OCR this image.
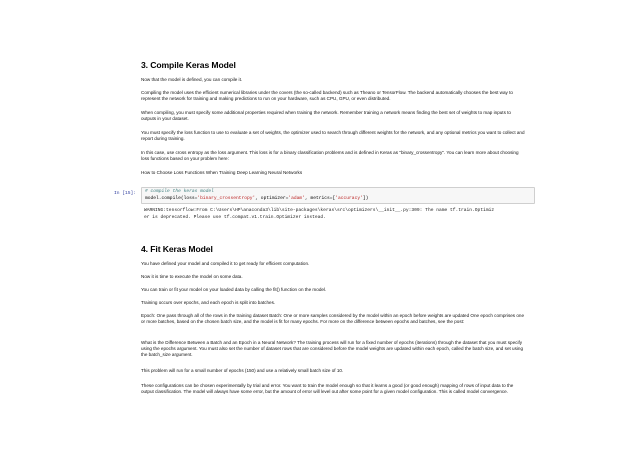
3. Compile Keras Model

Now that the model is defined, you can compile it.

Compiling the model uses the efficient numerical libraries under the covers (the so-called backend) such as Theano or TensorFlow. The backend automatically chooses the best way to represent the network for training and making predictions to run on your hardware, such as CPU, GPU, or even distributed.

When compiling, you must specify some additional properties required when training the network. Remember training a network means finding the best set of weights to map inputs to outputs in your dataset.

You must specify the loss function to use to evaluate a set of weights, the optimizer used to search through different weights for the network, and any optional metrics you want to collect and report during training.

In this case, use cross entropy as the loss argument. This loss is for a binary classification problems and is defined in Keras as "binary_crossentropy". You can learn more about choosing loss functions based on your problem here:

How to Choose Loss Functions When Training Deep Learning Neural Networks

In [15]:	# compile the keras model
model.compile(loss='binary_crossentropy', optimizer='adam', metrics=['accuracy'])
WARNING:tensorflow:From C:\Users\HP\anaconda3\lib\site-packages\keras\src\optimizers\__init__.py:309: The name tf.train.Optimiz
er is deprecated. Please use tf.compat.v1.train.Optimizer instead.
4. Fit Keras Model

You have defined your model and compiled it to get ready for efficient computation.

Now it is time to execute the model on some data.

You can train or fit your model on your loaded data by calling the fit() function on the model.

Training occurs over epochs, and each epoch is split into batches.

Epoch: One pass through all of the rows in the training dataset Batch: One or more samples considered by the model within an epoch before weights are updated One epoch comprises one or more batches, based on the chosen batch size, and the model is fit for many epochs. For more on the difference between epochs and batches, see the post:

What is the Difference Between a Batch and an Epoch in a Neural Network? The training process will run for a fixed number of epochs (iterations) through the dataset that you must specify using the epochs argument. You must also set the number of dataset rows that are considered before the model weights are updated within each epoch, called the batch size, and set using the batch_size argument.

This problem will run for a small number of epochs (150) and use a relatively small batch size of 10.

These configurations can be chosen experimentally by trial and error. You want to train the model enough so that it learns a good (or good enough) mapping of rows of input data to the output classification. The model will always have some error, but the amount of error will level out after some point for a given model configuration. This is called model convergence.
